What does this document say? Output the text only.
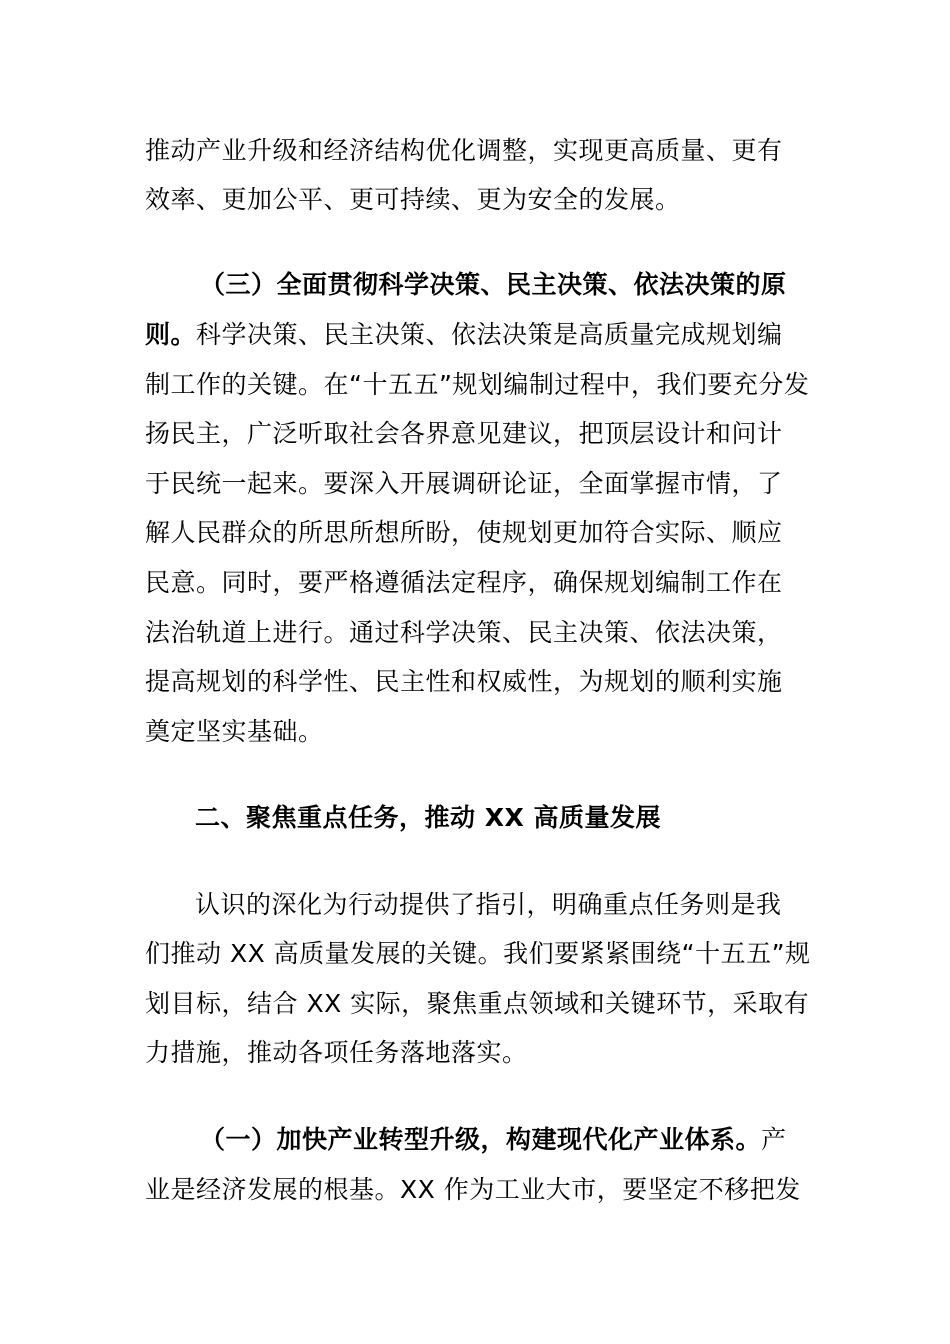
推动产业升级和经济结构优化调整，实现更高质量、更有
效率、更加公平、更可持续、更为安全的发展。
（三）全面贯彻科学决策、民主决策、依法决策的原
则。科学决策、民主决策、依法决策是高质量完成规划编
制工作的关键。在“十五五”规划编制过程中，我们要充分发
扬民主，广泛听取社会各界意见建议，把顶层设计和问计
于民统一起来。要深入开展调研论证，全面掌握市情，了
解人民群众的所思所想所盼，使规划更加符合实际、顺应
民意。同时，要严格遵循法定程序，确保规划编制工作在
法治轨道上进行。通过科学决策、民主决策、依法决策，
提高规划的科学性、民主性和权威性，为规划的顺利实施
奠定坚实基础。
二、聚焦重点任务，推动 XX 高质量发展
认识的深化为行动提供了指引，明确重点任务则是我
们推动 XX 高质量发展的关键。我们要紧紧围绕“十五五”规
划目标，结合 XX 实际，聚焦重点领域和关键环节，采取有
力措施，推动各项任务落地落实。
（一）加快产业转型升级，构建现代化产业体系。产
业是经济发展的根基。XX 作为工业大市，要坚定不移把发
